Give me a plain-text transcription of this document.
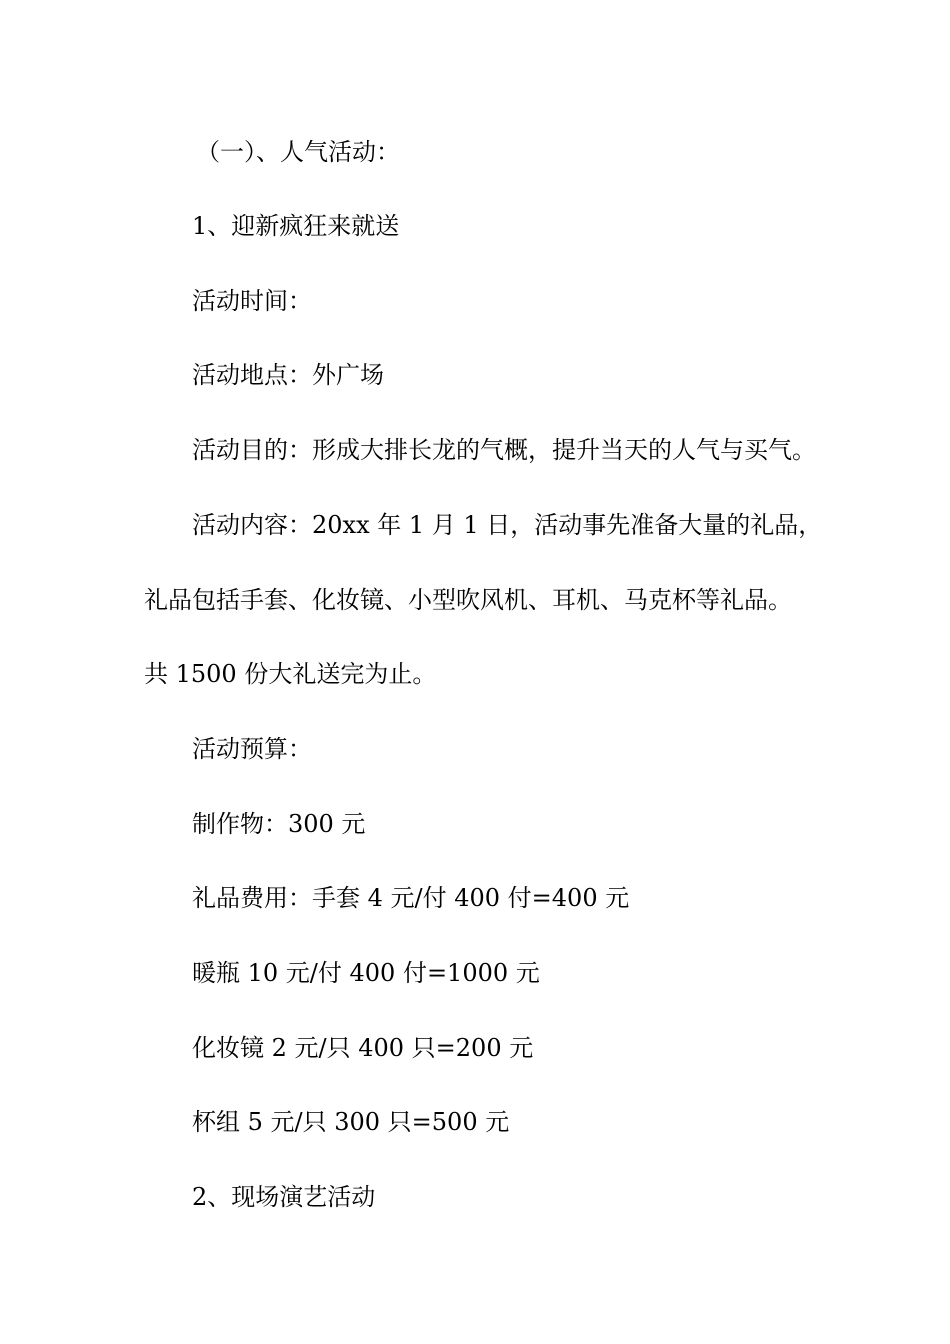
（一）、人气活动：
1、迎新疯狂来就送
活动时间：
活动地点：外广场
活动目的：形成大排长龙的气概，提升当天的人气与买气。
活动内容：20xx 年 1 月 1 日，活动事先准备大量的礼品，
礼品包括手套、化妆镜、小型吹风机、耳机、马克杯等礼品。
共 1500 份大礼送完为止。
活动预算：
制作物：300 元
礼品费用：手套 4 元/付 400 付=400 元
暖瓶 10 元/付 400 付=1000 元
化妆镜 2 元/只 400 只=200 元
杯组 5 元/只 300 只=500 元
2、现场演艺活动
